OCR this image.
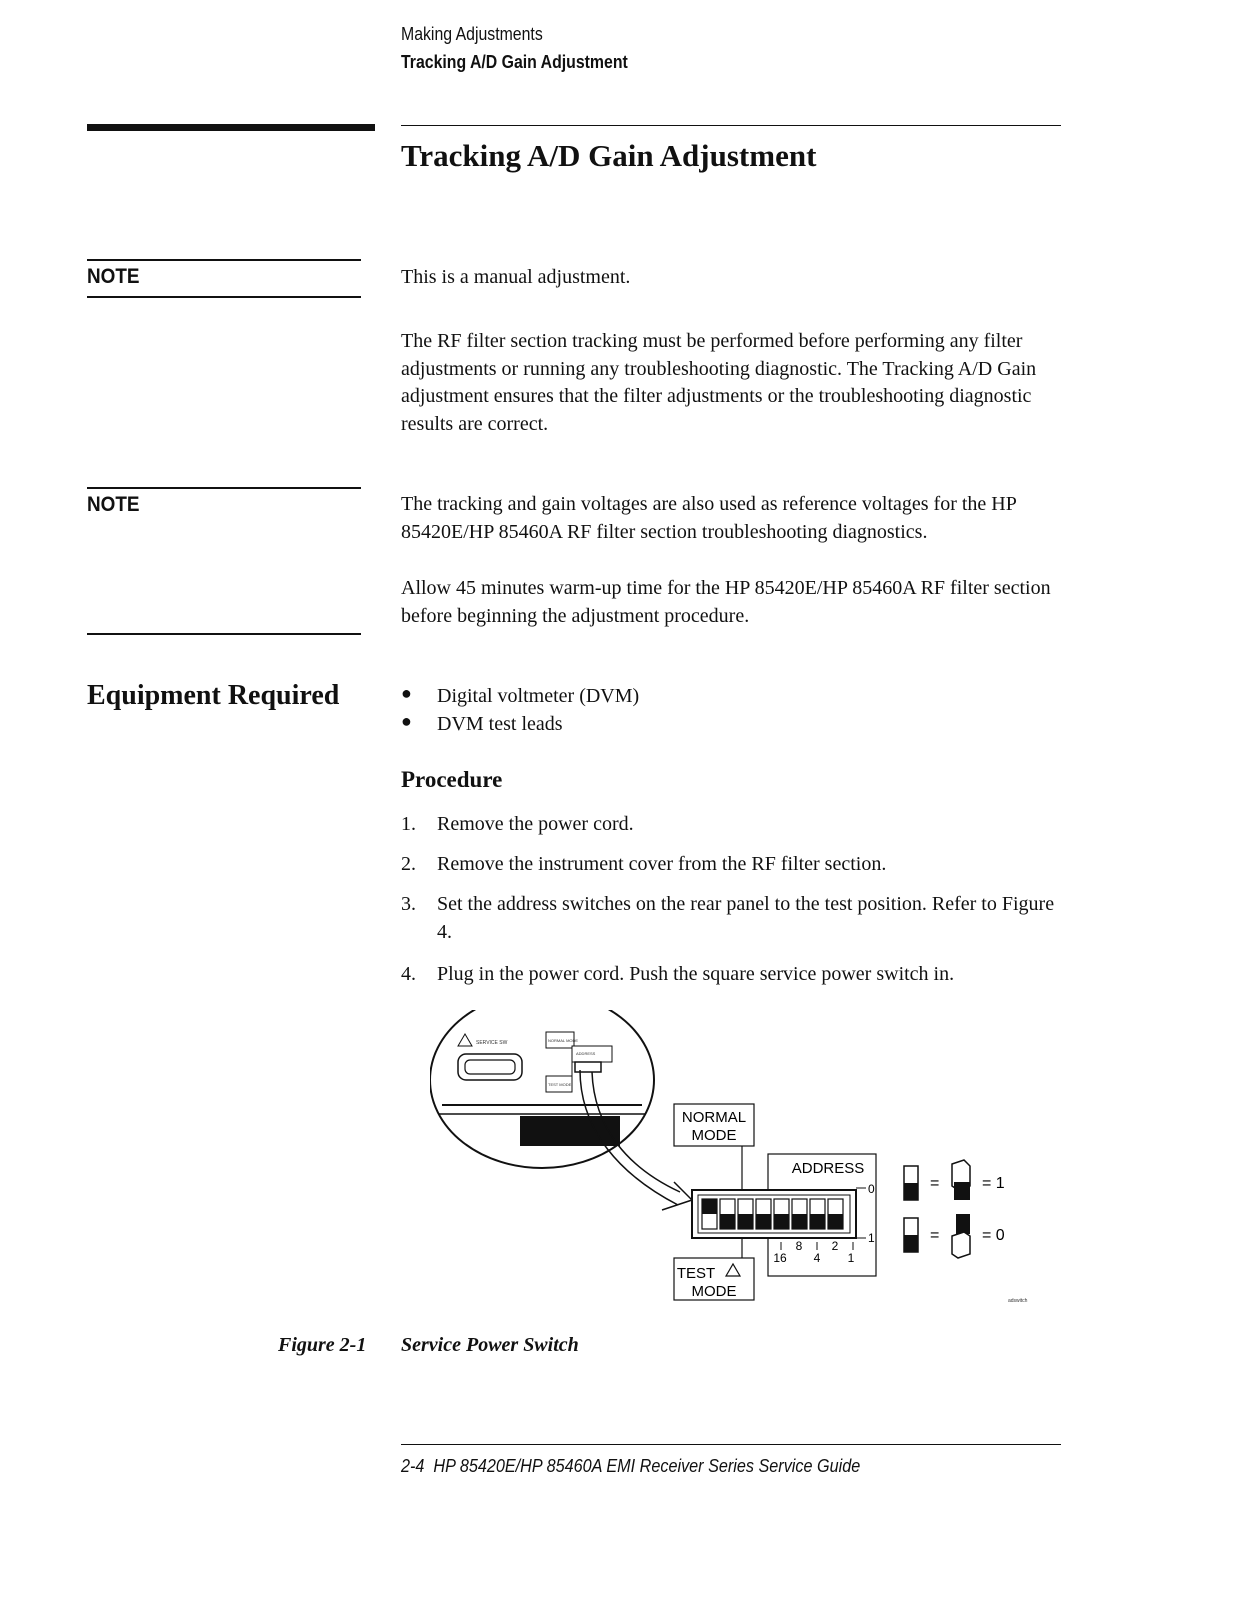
Making Adjustments
Tracking A/D Gain Adjustment
Tracking A/D Gain Adjustment
NOTE	This is a manual adjustment.
The RF filter section tracking must be performed before performing any filter adjustments or running any troubleshooting diagnostic. The Tracking A/D Gain adjustment ensures that the filter adjustments or the troubleshooting diagnostic results are correct.
NOTE	The tracking and gain voltages are also used as reference voltages for the HP 85420E/HP 85460A RF filter section troubleshooting diagnostics.
Allow 45 minutes warm-up time for the HP 85420E/HP 85460A RF filter section before beginning the adjustment procedure.
Equipment Required	● Digital voltmeter (DVM)
● DVM test leads
Procedure
1. Remove the power cord.
2. Remove the instrument cover from the RF filter section.
3. Set the address switches on the rear panel to the test position. Refer to Figure 4.
4. Plug in the power cord. Push the square service power switch in.
SERVICE SW	NORMAL MODE
ADDRESS
TEST MODE
NORMAL
MODE
ADDRESS
0
1
8 2
16 4 1
TEST
MODE
=	= 1
=	= 0
adswitch
Figure 2-1 Service Power Switch
2-4 HP 85420E/HP 85460A EMI Receiver Series Service Guide
